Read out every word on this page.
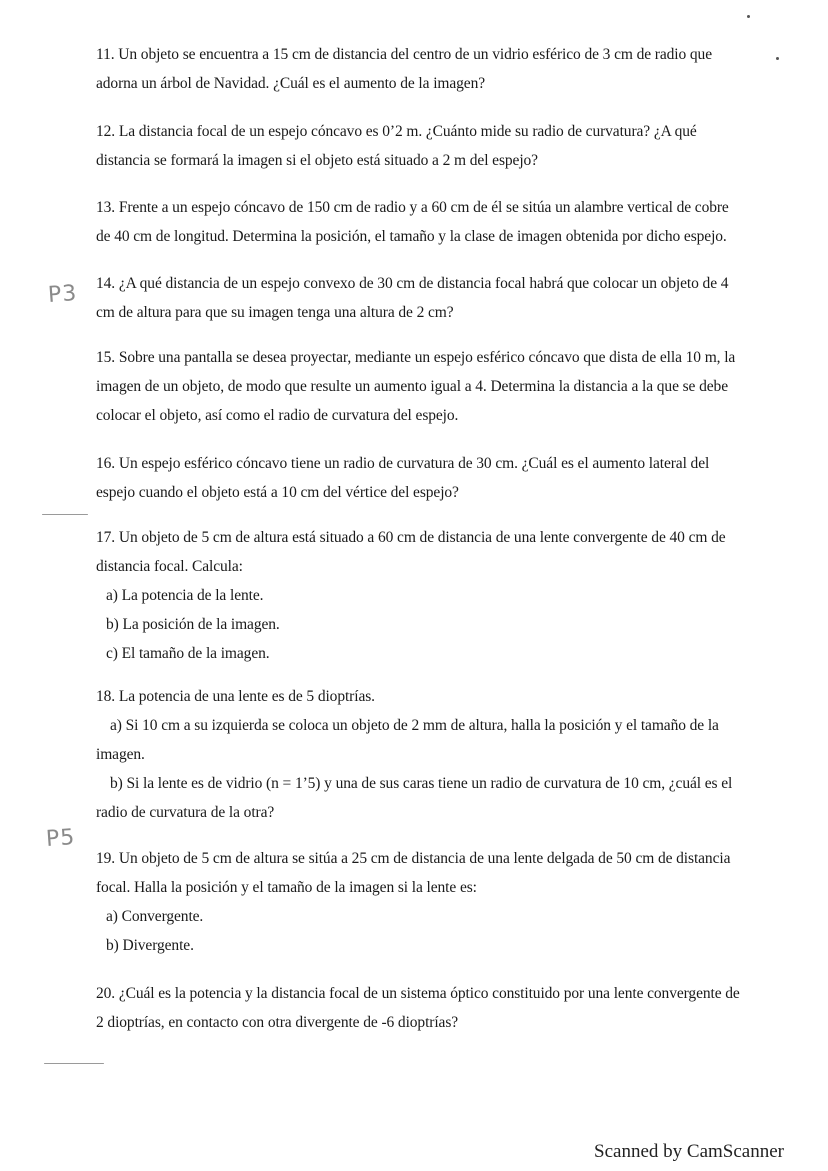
11. Un objeto se encuentra a 15 cm de distancia del centro de un vidrio esférico de 3 cm de radio que
adorna un árbol de Navidad. ¿Cuál es el aumento de la imagen?
12. La distancia focal de un espejo cóncavo es 0’2 m. ¿Cuánto mide su radio de curvatura? ¿A qué
distancia se formará la imagen si el objeto está situado a 2 m del espejo?
13. Frente a un espejo cóncavo de 150 cm de radio y a 60 cm de él se sitúa un alambre vertical de cobre
de 40 cm de longitud. Determina la posición, el tamaño y la clase de imagen obtenida por dicho espejo.
14. ¿A qué distancia de un espejo convexo de 30 cm de distancia focal habrá que colocar un objeto de 4
cm de altura para que su imagen tenga una altura de 2 cm?
15. Sobre una pantalla se desea proyectar, mediante un espejo esférico cóncavo que dista de ella 10 m, la
imagen de un objeto, de modo que resulte un aumento igual a 4. Determina la distancia a la que se debe
colocar el objeto, así como el radio de curvatura del espejo.
16. Un espejo esférico cóncavo tiene un radio de curvatura de 30 cm. ¿Cuál es el aumento lateral del
espejo cuando el objeto está a 10 cm del vértice del espejo?
17. Un objeto de 5 cm de altura está situado a 60 cm de distancia de una lente convergente de 40 cm de
distancia focal. Calcula:
a) La potencia de la lente.
b) La posición de la imagen.
c) El tamaño de la imagen.
18. La potencia de una lente es de 5 dioptrías.
a) Si 10 cm a su izquierda se coloca un objeto de 2 mm de altura, halla la posición y el tamaño de la
imagen.
b) Si la lente es de vidrio (n = 1’5) y una de sus caras tiene un radio de curvatura de 10 cm, ¿cuál es el
radio de curvatura de la otra?
19. Un objeto de 5 cm de altura se sitúa a 25 cm de distancia de una lente delgada de 50 cm de distancia
focal. Halla la posición y el tamaño de la imagen si la lente es:
a) Convergente.
b) Divergente.
20. ¿Cuál es la potencia y la distancia focal de un sistema óptico constituido por una lente convergente de
2 dioptrías, en contacto con otra divergente de -6 dioptrías?
P3
P5
Scanned by CamScanner
